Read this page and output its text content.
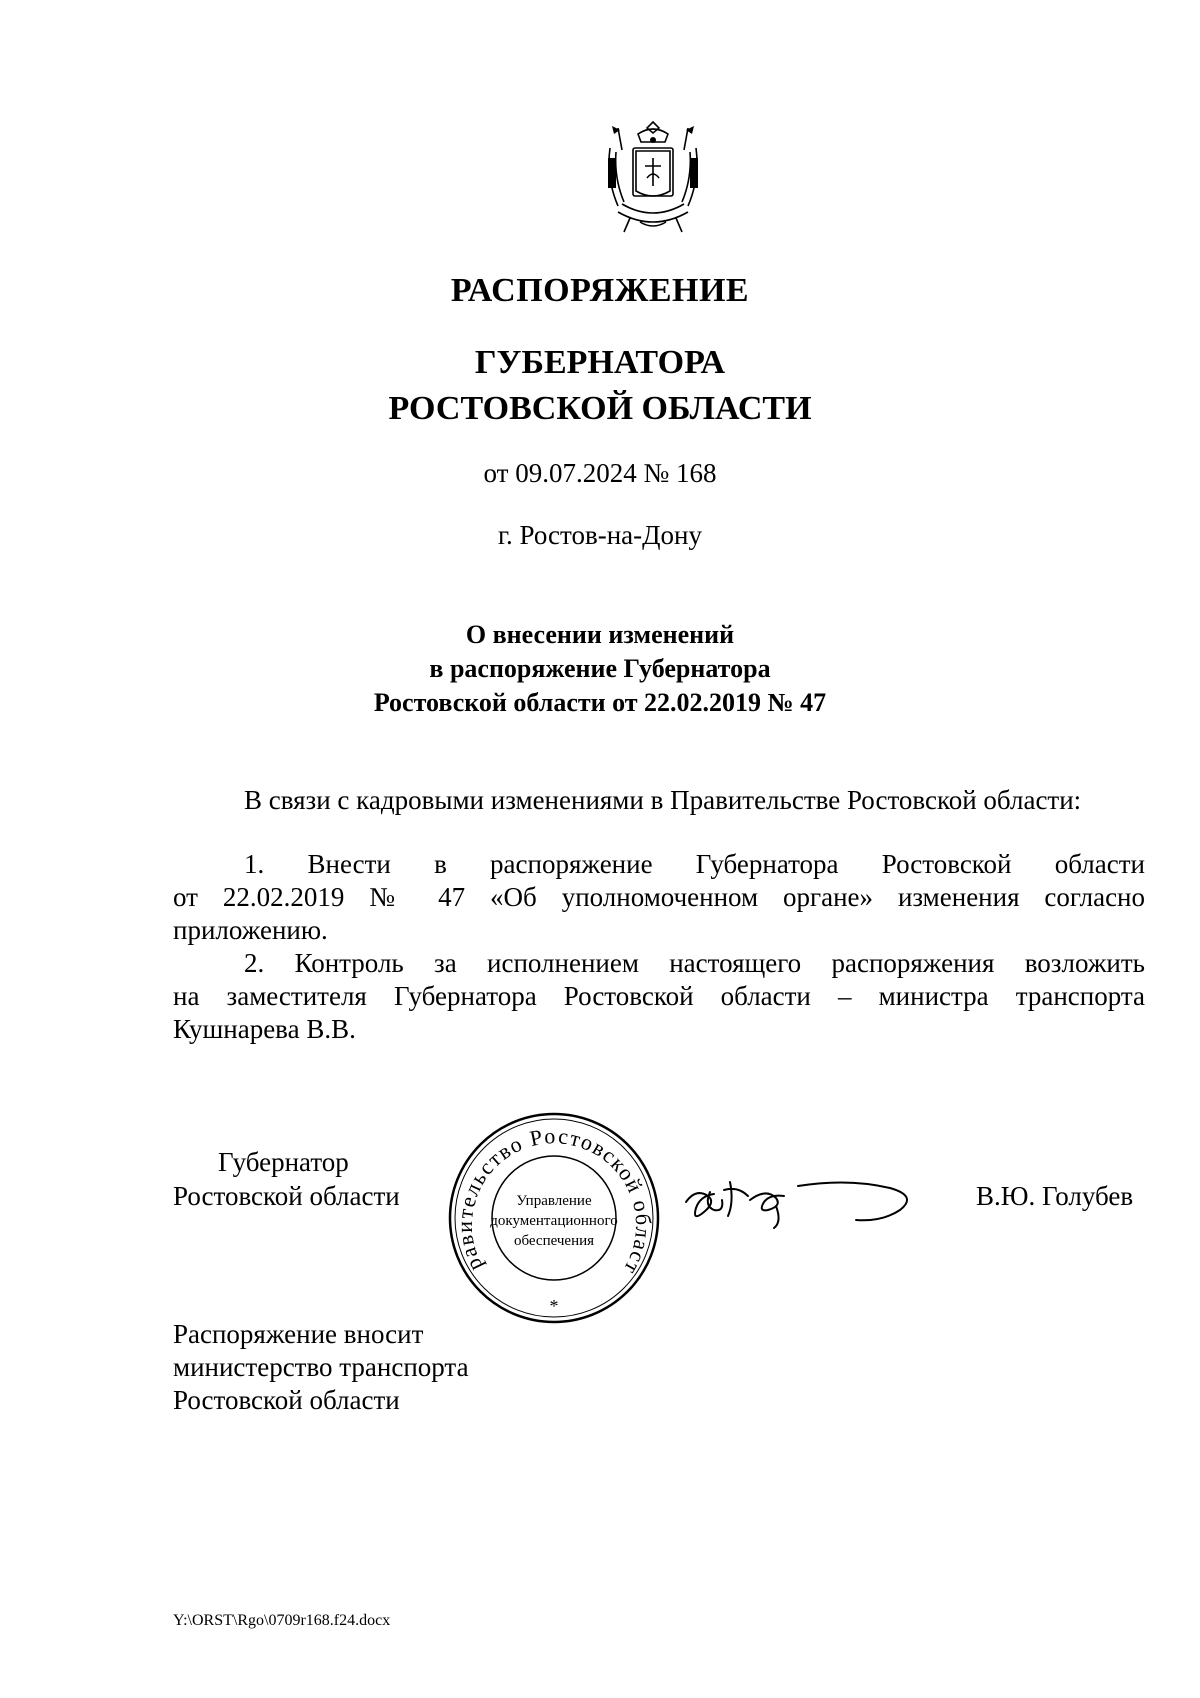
РАСПОРЯЖЕНИЕ
ГУБЕРНАТОРА
РОСТОВСКОЙ ОБЛАСТИ
от 09.07.2024 № 168
г. Ростов-на-Дону
О внесении изменений
в распоряжение Губернатора
Ростовской области от 22.02.2019 № 47
В связи с кадровыми изменениями в Правительстве Ростовской области:
1. Внести в распоряжение Губернатора Ростовской области
от 22.02.2019 № 47 «Об уполномоченном органе» изменения согласно
приложению.
2. Контроль за исполнением настоящего распоряжения возложить
на заместителя Губернатора Ростовской области – министра транспорта
Кушнарева В.В.
Губернатор
Ростовской области
равительство Ростовской област
Управление
документационного
обеспечения
*
В.Ю. Голубев
Распоряжение вносит
министерство транспорта
Ростовской области
Y:\ORST\Rgo\0709r168.f24.docx
